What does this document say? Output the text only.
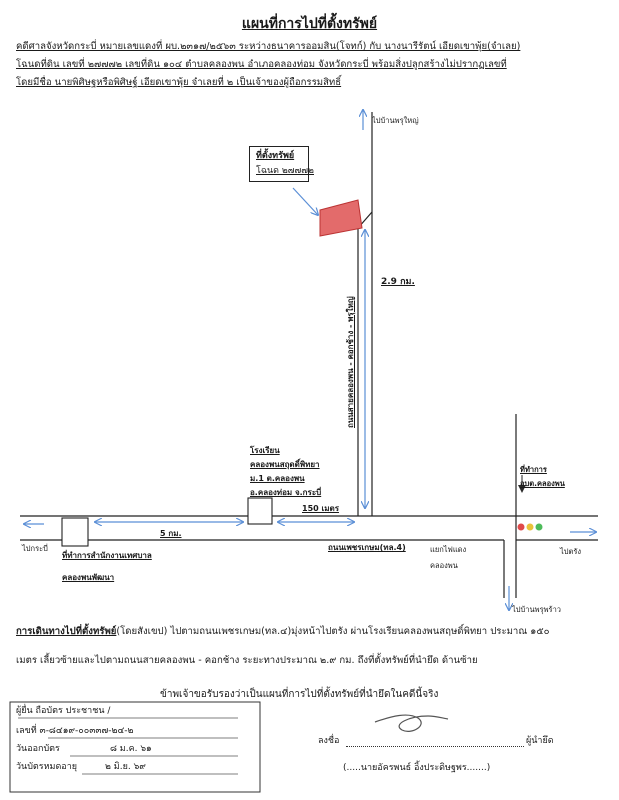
แผนที่การไปที่ตั้งทรัพย์
คดีศาลจังหวัดกระบี่ หมายเลขแดงที่ ผบ.๒๓๑๗/๒๕๖๓ ระหว่างธนาคารออมสิน(โจทก์) กับ นางนารีรัตน์ เอียดเขาพุ้ย(จำเลย)
โฉนดที่ดิน เลขที่ ๒๗๗๗๒ เลขที่ดิน ๑๐๔ ตำบลคลองพน อำเภอคลองท่อม จังหวัดกระบี่ พร้อมสิ่งปลูกสร้างไม่ปรากฏเลขที่
โดยมีชื่อ นายพิศิษฐหรือพิศิษฐ์ เอียดเขาพุ้ย จำเลยที่ ๒ เป็นเจ้าของผู้ถือกรรมสิทธิ์
ไปบ้านพรุใหญ่
ที่ตั้งทรัพย์
โฉนด ๒๗๗๗๒
2.9 กม.
ถนนสายคลองพน - คอกช้าง - พรุใหญ่
โรงเรียน
คลองพนสถุดดิ์พิทยา
ม.1 ต.คลองพน
อ.คลองท่อม จ.กระบี่
150 เมตร
5 กม.
ถนนเพชรเกษม(ทล.4)
ไปกระบี่
ที่ทำการสำนักงานเทศบาล
คลองพนพัฒนา
ที่ทำการ
อบต.คลองพน
ไปตรัง
แยกไฟแดง
คลองพน
ไปบ้านพรุพร้าว
การเดินทางไปที่ตั้งทรัพย์(โดยสังเขป) ไปตามถนนเพชรเกษม(ทล.๔)มุ่งหน้าไปตรัง ผ่านโรงเรียนคลองพนสฤษดิ์พิทยา ประมาณ ๑๕๐
เมตร เลี้ยวซ้ายและไปตามถนนสายคลองพน - คอกช้าง ระยะทางประมาณ ๒.๙ กม. ถึงที่ตั้งทรัพย์ที่นำยึด ด้านซ้าย
ข้าพเจ้าขอรับรองว่าเป็นแผนที่การไปที่ตั้งทรัพย์ที่นำยึดในคดีนี้จริง
ผู้ยื่น ถือบัตร ประชาชน /
เลขที่ ๓-๘๔๑๙-๐๐๓๓๗-๒๔-๒
วันออกบัตร	๘ ม.ค. ๖๑
วันบัตรหมดอายุ	๒ มิ.ย. ๖๙
ลงชื่อ	ผู้นำยึด
(.....นายอัครพนธ์ อิ้งประดิษฐพร.......)
